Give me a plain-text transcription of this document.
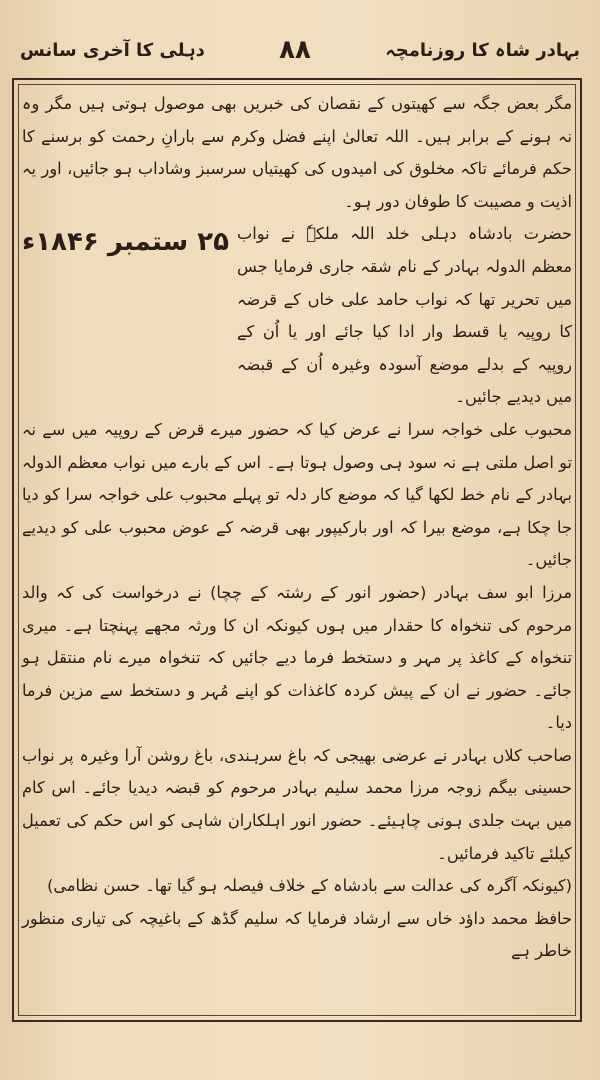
دہلی کا آخری سانس	۸۸	بہادر شاہ کا روزنامچہ

مگر بعض جگہ سے کھیتوں کے نقصان کی خبریں بھی موصول ہوتی ہیں مگر وہ نہ ہونے کے برابر ہیں۔ اللہ تعالیٰ اپنے فضل وکرم سے بارانِ رحمت کو برسنے کا حکم فرمائے تاکہ مخلوق کی امیدوں کی کھیتیاں سرسبز وشاداب ہو جائیں، اور یہ اذیت و مصیبت کا طوفان دور ہو۔

حضرت بادشاہ دہلی خلد اللہ ملکہٗ نے نواب معظم الدولہ بہادر کے نام شقہ جاری فرمایا جس میں تحریر تھا کہ نواب حامد علی خاں کے قرضہ کا روپیہ یا قسط وار ادا کیا جائے اور یا اُن کے روپیہ کے بدلے موضع آسودہ وغیرہ اُن کے قبضہ میں دیدیے جائیں۔
۲۵ ستمبر ۱۸۴۶ء

محبوب علی خواجہ سرا نے عرض کیا کہ حضور میرے قرض کے روپیہ میں سے نہ تو اصل ملتی ہے نہ سود ہی وصول ہوتا ہے۔ اس کے بارے میں نواب معظم الدولہ بہادر کے نام خط لکھا گیا کہ موضع کار دلہ تو پہلے محبوب علی خواجہ سرا کو دیا جا چکا ہے، موضع بیرا کہ اور بارکیپور بھی قرضہ کے عوض محبوب علی کو دیدیے جائیں۔

مرزا ابو سف بہادر (حضور انور کے رشتہ کے چچا) نے درخواست کی کہ والد مرحوم کی تنخواہ کا حقدار میں ہوں کیونکہ ان کا ورثہ مجھے پہنچتا ہے۔ میری تنخواہ کے کاغذ پر مہر و دستخط فرما دیے جائیں کہ تنخواہ میرے نام منتقل ہو جائے۔ حضور نے ان کے پیش کردہ کاغذات کو اپنے مُہر و دستخط سے مزین فرما دیا۔

صاحب کلاں بہادر نے عرضی بھیجی کہ باغ سرہندی، باغ روشن آرا وغیرہ پر نواب حسینی بیگم زوجہ مرزا محمد سلیم بہادر مرحوم کو قبضہ دیدیا جائے۔ اس کام میں بہت جلدی ہونی چاہیئے۔ حضور انور اہلکاران شاہی کو اس حکم کی تعمیل کیلئے تاکید فرمائیں۔

(کیونکہ آگرہ کی عدالت سے بادشاہ کے خلاف فیصلہ ہو گیا تھا۔ حسن نظامی)

حافظ محمد داؤد خاں سے ارشاد فرمایا کہ سلیم گڈھ کے باغیچہ کی تیاری منظور خاطر ہے
